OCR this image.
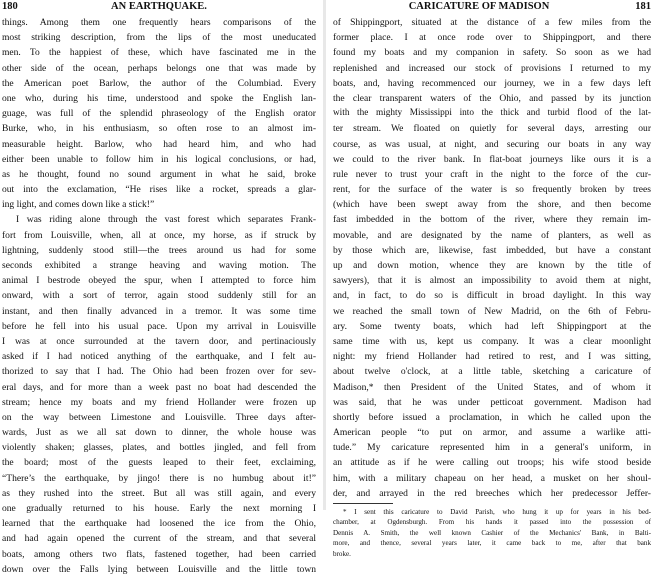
180	AN EARTHQUAKE.
things. Among them one frequently hears comparisons of the
most striking description, from the lips of the most uneducated
men. To the happiest of these, which have fascinated me in the
other side of the ocean, perhaps belongs one that was made by
the American poet Barlow, the author of the Columbiad. Every
one who, during his time, understood and spoke the English lan-
guage, was full of the splendid phraseology of the English orator
Burke, who, in his enthusiasm, so often rose to an almost im-
measurable height. Barlow, who had heard him, and who had
either been unable to follow him in his logical conclusions, or had,
as he thought, found no sound argument in what he said, broke
out into the exclamation, “He rises like a rocket, spreads a glar-
ing light, and comes down like a stick!”
I was riding alone through the vast forest which separates Frank-
fort from Louisville, when, all at once, my horse, as if struck by
lightning, suddenly stood still—the trees around us had for some
seconds exhibited a strange heaving and waving motion. The
animal I bestrode obeyed the spur, when I attempted to force him
onward, with a sort of terror, again stood suddenly still for an
instant, and then finally advanced in a tremor. It was some time
before he fell into his usual pace. Upon my arrival in Louisville
I was at once surrounded at the tavern door, and pertinaciously
asked if I had noticed anything of the earthquake, and I felt au-
thorized to say that I had. The Ohio had been frozen over for sev-
eral days, and for more than a week past no boat had descended the
stream; hence my boats and my friend Hollander were frozen up
on the way between Limestone and Louisville. Three days after-
wards, Just as we all sat down to dinner, the whole house was
violently shaken; glasses, plates, and bottles jingled, and fell from
the board; most of the guests leaped to their feet, exclaiming,
“There’s the earthquake, by jingo! there is no humbug about it!”
as they rushed into the street. But all was still again, and every
one gradually returned to his house. Early the next morning I
learned that the earthquake had loosened the ice from the Ohio,
and had again opened the current of the stream, and that several
boats, among others two flats, fastened together, had been carried
down over the Falls lying between Louisville and the little town
CARICATURE OF MADISON	181
of Shippingport, situated at the distance of a few miles from the
former place. I at once rode over to Shippingport, and there
found my boats and my companion in safety. So soon as we had
replenished and increased our stock of provisions I returned to my
boats, and, having recommenced our journey, we in a few days left
the clear transparent waters of the Ohio, and passed by its junction
with the mighty Mississippi into the thick and turbid flood of the lat-
ter stream. We floated on quietly for several days, arresting our
course, as was usual, at night, and securing our boats in any way
we could to the river bank. In flat-boat journeys like ours it is a
rule never to trust your craft in the night to the force of the cur-
rent, for the surface of the water is so frequently broken by trees
(which have been swept away from the shore, and then become
fast imbedded in the bottom of the river, where they remain im-
movable, and are designated by the name of planters, as well as
by those which are, likewise, fast imbedded, but have a constant
up and down motion, whence they are known by the title of
sawyers), that it is almost an impossibility to avoid them at night,
and, in fact, to do so is difficult in broad daylight. In this way
we reached the small town of New Madrid, on the 6th of Febru-
ary. Some twenty boats, which had left Shippingport at the
same time with us, kept us company. It was a clear moonlight
night: my friend Hollander had retired to rest, and I was sitting,
about twelve o'clock, at a little table, sketching a caricature of
Madison,* then President of the United States, and of whom it
was said, that he was under petticoat government. Madison had
shortly before issued a proclamation, in which he called upon the
American people “to put on armor, and assume a warlike atti-
tude.” My caricature represented him in a general's uniform, in
an attitude as if he were calling out troops; his wife stood beside
him, with a military chapeau on her head, a musket on her shoul-
der, and arrayed in the red breeches which her predecessor Jeffer-
* I sent this caricature to David Parish, who hung it up for years in his bed-
chamber, at Ogdensburgh. From his hands it passed into the possession of
Dennis A. Smith, the well known Cashier of the Mechanics' Bank, in Balti-
more, and thence, several years later, it came back to me, after that bank
broke.
